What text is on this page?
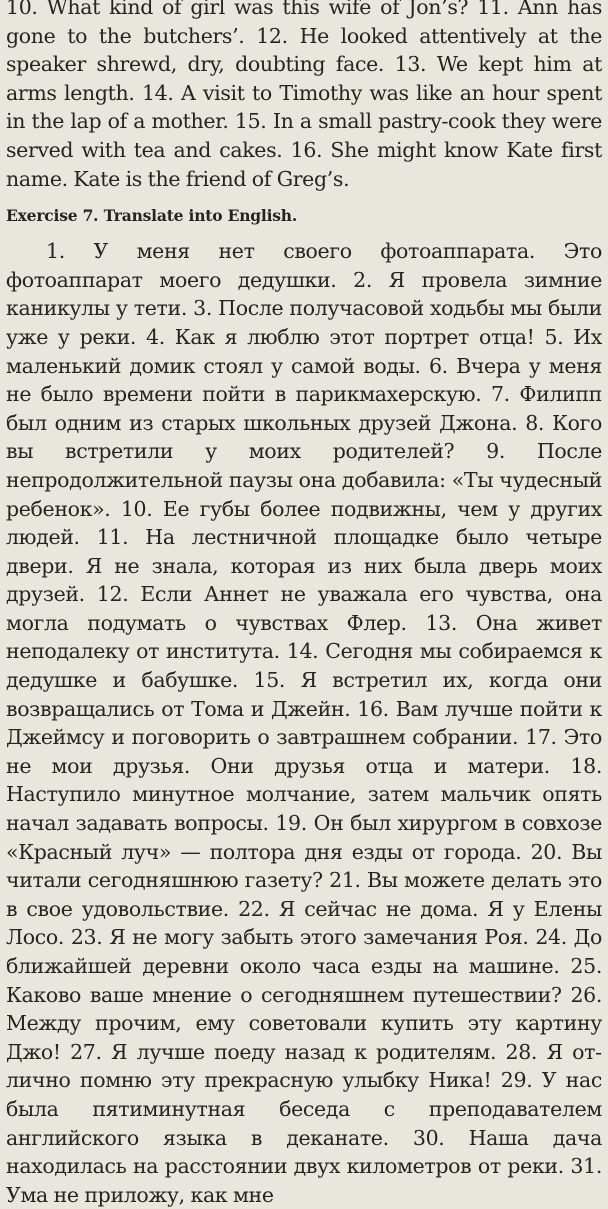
10. What kind of girl was this wife of Jon’s? 11. Ann has gone to the butchers’. 12. He looked attentively at the speaker shrewd, dry, doubting face. 13. We kept him at arms length. 14. A visit to Timothy was like an hour spent in the lap of a mother. 15. In a small pastry-cook they were served with tea and cakes. 16. She might know Kate first name. Kate is the friend of Greg’s.

Exercise 7. Translate into English.

1. У меня нет своего фотоаппарата. Это фотоаппарат моего дедушки. 2. Я провела зимние каникулы у тети. 3. После получасовой ходьбы мы были уже у реки. 4. Как я люблю этот портрет отца! 5. Их маленький домик стоял у самой воды. 6. Вчера у меня не было времени пойти в парикмахерскую. 7. Филипп был одним из старых школьных друзей Джона. 8. Кого вы встретили у моих родителей? 9. После непродолжительной паузы она добавила: «Ты чудесный ребенок». 10. Ее губы более подвижны, чем у других людей. 11. На лестничной площадке было четыре двери. Я не знала, которая из них была дверь моих друзей. 12. Если Аннет не уважала его чувства, она могла подумать о чувствах Флер. 13. Она живет неподалеку от института. 14. Сегодня мы собираемся к дедушке и бабушке. 15. Я встретил их, когда они возвращались от Тома и Джейн. 16. Вам лучше пойти к Джеймсу и поговорить о завтрашнем собрании. 17. Это не мои друзья. Они друзья отца и матери. 18. Наступило минутное молчание, затем мальчик опять начал задавать вопросы. 19. Он был хирургом в совхозе «Красный луч» — полтора дня езды от города. 20. Вы читали сегодняшнюю газету? 21. Вы можете делать это в свое удовольствие. 22. Я сейчас не дома. Я у Елены Лосо. 23. Я не могу забыть этого замечания Роя. 24. До ближайшей деревни около часа езды на машине. 25. Каково ваше мнение о сегодняшнем путешествии? 26. Между прочим, ему советовали купить эту картину Джо! 27. Я лучше поеду назад к родителям. 28. Я отлично помню эту прекрасную улыбку Ника! 29. У нас была пятиминутная беседа с преподавателем английского языка в деканате. 30. Наша дача находилась на расстоянии двух километров от реки. 31. Ума не приложу, как мне
